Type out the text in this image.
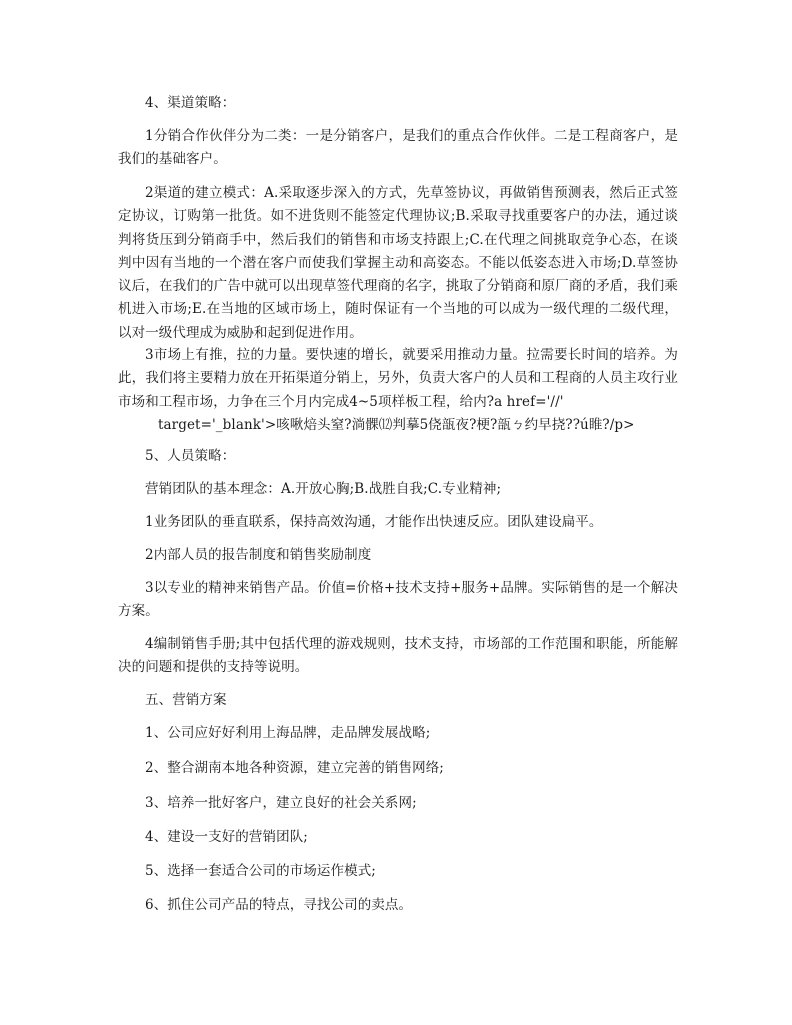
4、渠道策略：

1分销合作伙伴分为二类：一是分销客户，是我们的重点合作伙伴。二是工程商客户，是我们的基础客户。

2渠道的建立模式：A.采取逐步深入的方式，先草签协议，再做销售预测表，然后正式签定协议，订购第一批货。如不进货则不能签定代理协议;B.采取寻找重要客户的办法，通过谈判将货压到分销商手中，然后我们的销售和市场支持跟上;C.在代理之间挑取竞争心态，在谈判中因有当地的一个潜在客户而使我们掌握主动和高姿态。不能以低姿态进入市场;D.草签协议后，在我们的广告中就可以出现草签代理商的名字，挑取了分销商和原厂商的矛盾，我们乘机进入市场;E.在当地的区域市场上，随时保证有一个当地的可以成为一级代理的二级代理，以对一级代理成为威胁和起到促进作用。

3市场上有推，拉的力量。要快速的增长，就要采用推动力量。拉需要长时间的培养。为此，我们将主要精力放在开拓渠道分销上，另外，负责大客户的人员和工程商的人员主攻行业市场和工程市场，力争在三个月内完成4~5项样板工程，给内?a href='//'
target='_blank'>咳啾焙头窒?淌髁⑿判摹5侥瓿夜?梗?瓿ㄅ约早挠??ú睢?/p>

5、人员策略：

营销团队的基本理念：A.开放心胸;B.战胜自我;C.专业精神;

1业务团队的垂直联系，保持高效沟通，才能作出快速反应。团队建设扁平。

2内部人员的报告制度和销售奖励制度

3以专业的精神来销售产品。价值=价格+技术支持+服务+品牌。实际销售的是一个解决方案。

4编制销售手册;其中包括代理的游戏规则，技术支持，市场部的工作范围和职能，所能解决的问题和提供的支持等说明。

五、营销方案

1、公司应好好利用上海品牌，走品牌发展战略;

2、整合湖南本地各种资源，建立完善的销售网络;

3、培养一批好客户，建立良好的社会关系网;

4、建设一支好的营销团队;

5、选择一套适合公司的市场运作模式;

6、抓住公司产品的特点，寻找公司的卖点。
